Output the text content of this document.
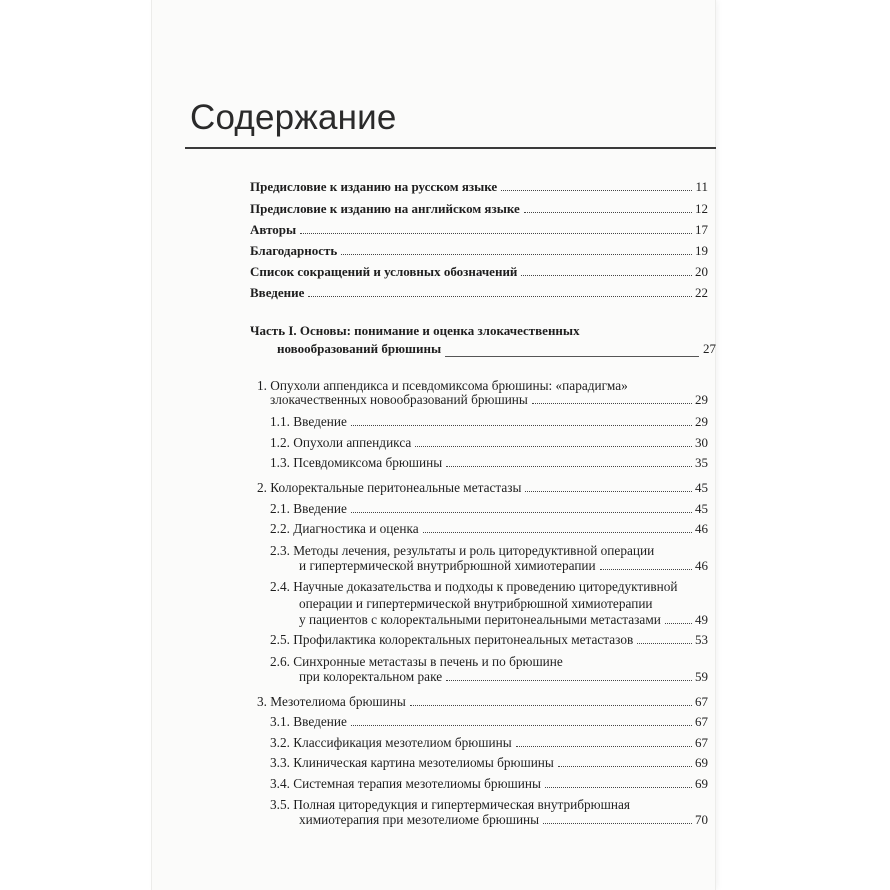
Содержание
Предисловие к изданию на русском языке	11
Предисловие к изданию на английском языке	12
Авторы	17
Благодарность	19
Список сокращений и условных обозначений	20
Введение	22
Часть I. Основы: понимание и оценка злокачественных
новообразований брюшины	27
1. Опухоли аппендикса и псевдомиксома брюшины: «парадигма»
злокачественных новообразований брюшины	29
1.1. Введение	29
1.2. Опухоли аппендикса	30
1.3. Псевдомиксома брюшины	35
2. Колоректальные перитонеальные метастазы	45
2.1. Введение	45
2.2. Диагностика и оценка	46
2.3. Методы лечения, результаты и роль циторедуктивной операции
и гипертермической внутрибрюшной химиотерапии	46
2.4. Научные доказательства и подходы к проведению циторедуктивной
операции и гипертермической внутрибрюшной химиотерапии
у пациентов с колоректальными перитонеальными метастазами	49
2.5. Профилактика колоректальных перитонеальных метастазов	53
2.6. Синхронные метастазы в печень и по брюшине
при колоректальном раке	59
3. Мезотелиома брюшины	67
3.1. Введение	67
3.2. Классификация мезотелиом брюшины	67
3.3. Клиническая картина мезотелиомы брюшины	69
3.4. Системная терапия мезотелиомы брюшины	69
3.5. Полная циторедукция и гипертермическая внутрибрюшная
химиотерапия при мезотелиоме брюшины	70
